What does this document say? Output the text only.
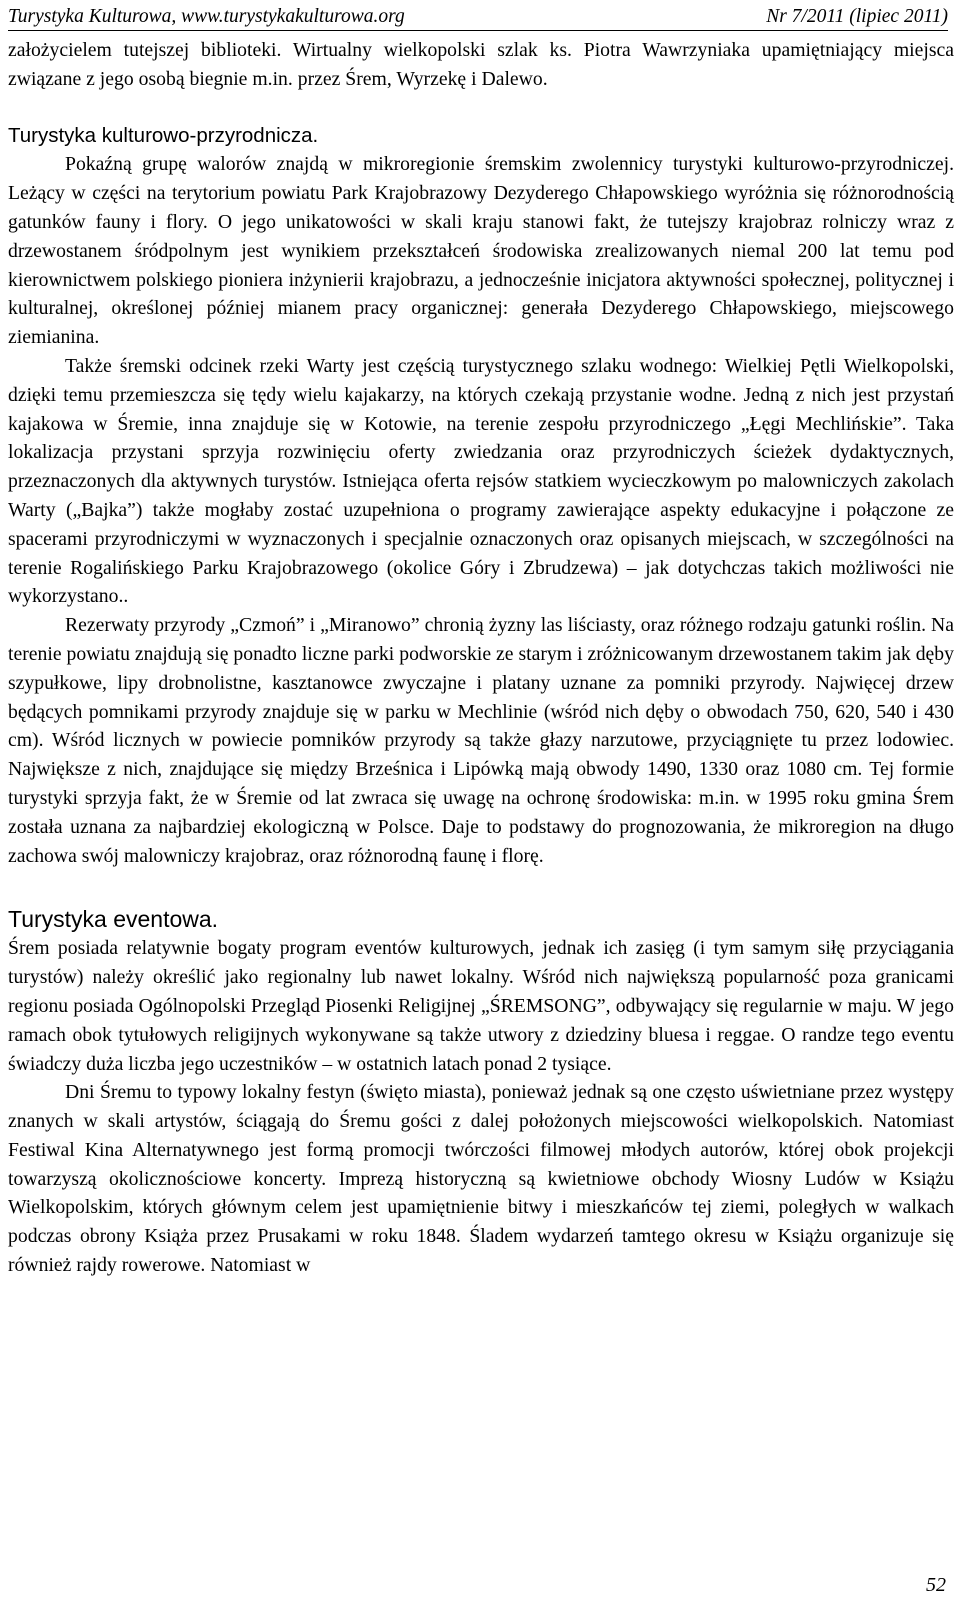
Turystyka Kulturowa, www.turystykakulturowa.org	Nr 7/2011 (lipiec 2011)

założycielem tutejszej biblioteki. Wirtualny wielkopolski szlak ks. Piotra Wawrzyniaka upamiętniający miejsca związane z jego osobą biegnie m.in. przez Śrem, Wyrzekę i Dalewo.

Turystyka kulturowo-przyrodnicza.

Pokaźną grupę walorów znajdą w mikroregionie śremskim zwolennicy turystyki kulturowo-przyrodniczej. Leżący w części na terytorium powiatu Park Krajobrazowy Dezyderego Chłapowskiego wyróżnia się różnorodnością gatunków fauny i flory. O jego unikatowości w skali kraju stanowi fakt, że tutejszy krajobraz rolniczy wraz z drzewostanem śródpolnym jest wynikiem przekształceń środowiska zrealizowanych niemal 200 lat temu pod kierownictwem polskiego pioniera inżynierii krajobrazu, a jednocześnie inicjatora aktywności społecznej, politycznej i kulturalnej, określonej później mianem pracy organicznej: generała Dezyderego Chłapowskiego, miejscowego ziemianina.

Także śremski odcinek rzeki Warty jest częścią turystycznego szlaku wodnego: Wielkiej Pętli Wielkopolski, dzięki temu przemieszcza się tędy wielu kajakarzy, na których czekają przystanie wodne. Jedną z nich jest przystań kajakowa w Śremie, inna znajduje się w Kotowie, na terenie zespołu przyrodniczego „Łęgi Mechlińskie”. Taka lokalizacja przystani sprzyja rozwinięciu oferty zwiedzania oraz przyrodniczych ścieżek dydaktycznych, przeznaczonych dla aktywnych turystów. Istniejąca oferta rejsów statkiem wycieczkowym po malowniczych zakolach Warty („Bajka”) także mogłaby zostać uzupełniona o programy zawierające aspekty edukacyjne i połączone ze spacerami przyrodniczymi w wyznaczonych i specjalnie oznaczonych oraz opisanych miejscach, w szczególności na terenie Rogalińskiego Parku Krajobrazowego (okolice Góry i Zbrudzewa) – jak dotychczas takich możliwości nie wykorzystano..

Rezerwaty przyrody „Czmoń” i „Miranowo” chronią żyzny las liściasty, oraz różnego rodzaju gatunki roślin. Na terenie powiatu znajdują się ponadto liczne parki podworskie ze starym i zróżnicowanym drzewostanem takim jak dęby szypułkowe, lipy drobnolistne, kasztanowce zwyczajne i platany uznane za pomniki przyrody. Najwięcej drzew będących pomnikami przyrody znajduje się w parku w Mechlinie (wśród nich dęby o obwodach 750, 620, 540 i 430 cm). Wśród licznych w powiecie pomników przyrody są także głazy narzutowe, przyciągnięte tu przez lodowiec. Największe z nich, znajdujące się między Brześnica i Lipówką mają obwody 1490, 1330 oraz 1080 cm. Tej formie turystyki sprzyja fakt, że w Śremie od lat zwraca się uwagę na ochronę środowiska: m.in. w 1995 roku gmina Śrem została uznana za najbardziej ekologiczną w Polsce. Daje to podstawy do prognozowania, że mikroregion na długo zachowa swój malowniczy krajobraz, oraz różnorodną faunę i florę.

Turystyka eventowa.

Śrem posiada relatywnie bogaty program eventów kulturowych, jednak ich zasięg (i tym samym siłę przyciągania turystów) należy określić jako regionalny lub nawet lokalny. Wśród nich największą popularność poza granicami regionu posiada Ogólnopolski Przegląd Piosenki Religijnej „ŚREMSONG”, odbywający się regularnie w maju. W jego ramach obok tytułowych religijnych wykonywane są także utwory z dziedziny bluesa i reggae. O randze tego eventu świadczy duża liczba jego uczestników – w ostatnich latach ponad 2 tysiące.

Dni Śremu to typowy lokalny festyn (święto miasta), ponieważ jednak są one często uświetniane przez występy znanych w skali artystów, ściągają do Śremu gości z dalej położonych miejscowości wielkopolskich. Natomiast Festiwal Kina Alternatywnego jest formą promocji twórczości filmowej młodych autorów, której obok projekcji towarzyszą okolicznościowe koncerty. Imprezą historyczną są kwietniowe obchody Wiosny Ludów w Książu Wielkopolskim, których głównym celem jest upamiętnienie bitwy i mieszkańców tej ziemi, poległych w walkach podczas obrony Książa przez Prusakami w roku 1848. Śladem wydarzeń tamtego okresu w Książu organizuje się również rajdy rowerowe. Natomiast w

52
